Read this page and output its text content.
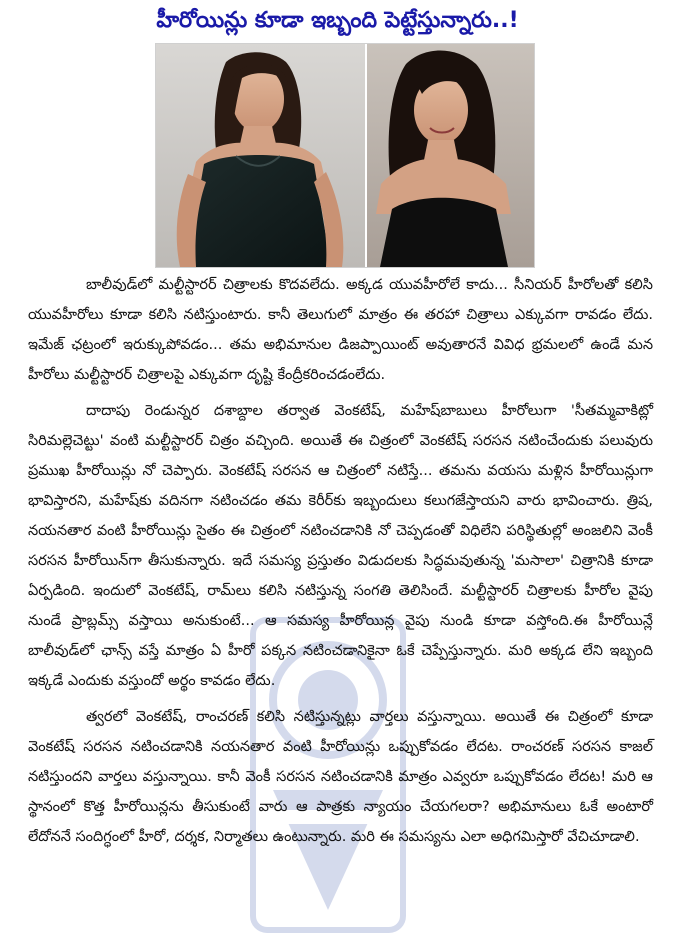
హీరోయిన్లు కూడా ఇబ్బంది పెట్టేస్తున్నారు..!

బాలీవుడ్‌లో మల్టీస్టారర్ చిత్రాలకు కొదవలేదు. అక్కడ యువహీరోలే కాదు... సీనియర్ హీరోలతో కలిసి యువహీరోలు కూడా కలిసి నటిస్తుంటారు. కానీ తెలుగులో మాత్రం ఈ తరహా చిత్రాలు ఎక్కువగా రావడం లేదు. ఇమేజ్ ఛట్రంలో ఇరుక్కుపోవడం... తమ అభిమానుల డిజప్పాయింట్ అవుతారనే వివిధ భ్రమలలో ఉండే మన హీరోలు మల్టీస్టారర్ చిత్రాలపై ఎక్కువగా దృష్టి కేంద్రీకరించడంలేదు.

దాదాపు రెండున్నర దశాబ్దాల తర్వాత వెంకటేష్, మహేష్‌బాబులు హీరోలుగా 'సీతమ్మవాకిట్లో సిరిమల్లెచెట్టు' వంటి మల్టీస్టారర్ చిత్రం వచ్చింది. అయితే ఈ చిత్రంలో వెంకటేష్ సరసన నటించేందుకు పలువురు ప్రముఖ హీరోయిన్లు నో చెప్పారు. వెంకటేష్ సరసన ఆ చిత్రంలో నటిస్తే... తమను వయసు మళ్లిన హీరోయిన్లుగా భావిస్తారని, మహేష్‌కు వదినగా నటించడం తమ కెరీర్‌కు ఇబ్బందులు కలుగజేస్తాయని వారు భావించారు. త్రిష, నయనతార వంటి హీరోయిన్లు సైతం ఈ చిత్రంలో నటించడానికి నో చెప్పడంతో విధిలేని పరిస్థితుల్లో అంజలిని వెంకీ సరసన హీరోయిన్‌గా తీసుకున్నారు. ఇదే సమస్య ప్రస్తుతం విడుదలకు సిద్ధమవుతున్న 'మసాలా' చిత్రానికి కూడా ఏర్పడింది. ఇందులో వెంకటేష్, రామ్‌లు కలిసి నటిస్తున్న సంగతి తెలిసిందే. మల్టీస్టారర్ చిత్రాలకు హీరోల వైపు నుండే ప్రాబ్లమ్స్ వస్తాయి అనుకుంటే... ఆ సమస్య హీరోయిన్ల వైపు నుండి కూడా వస్తోంది.ఈ హీరోయిన్లే బాలీవుడ్‌లో ఛాన్స్ వస్తే మాత్రం ఏ హీరో పక్కన నటించడానికైనా ఓకే చెప్పేస్తున్నారు. మరి అక్కడ లేని ఇబ్బంది ఇక్కడే ఎందుకు వస్తుందో అర్థం కావడం లేదు.

త్వరలో వెంకటేష్, రాంచరణ్ కలిసి నటిస్తున్నట్లు వార్తలు వస్తున్నాయి. అయితే ఈ చిత్రంలో కూడా వెంకటేష్ సరసన నటించడానికి నయనతార వంటి హీరోయిన్లు ఒప్పుకోవడం లేదట. రాంచరణ్ సరసన కాజల్ నటిస్తుందని వార్తలు వస్తున్నాయి. కానీ వెంకీ సరసన నటించడానికి మాత్రం ఎవ్వరూ ఒప్పుకోవడం లేదట! మరి ఆ స్థానంలో కొత్త హీరోయిన్లను తీసుకుంటే వారు ఆ పాత్రకు న్యాయం చేయగలరా? అభిమానులు ఓకే అంటారో లేదోననే సందిగ్ధంలో హీరో, దర్శక, నిర్మాతలు ఉంటున్నారు. మరి ఈ సమస్యను ఎలా అధిగమిస్తారో వేచిచూడాలి.
